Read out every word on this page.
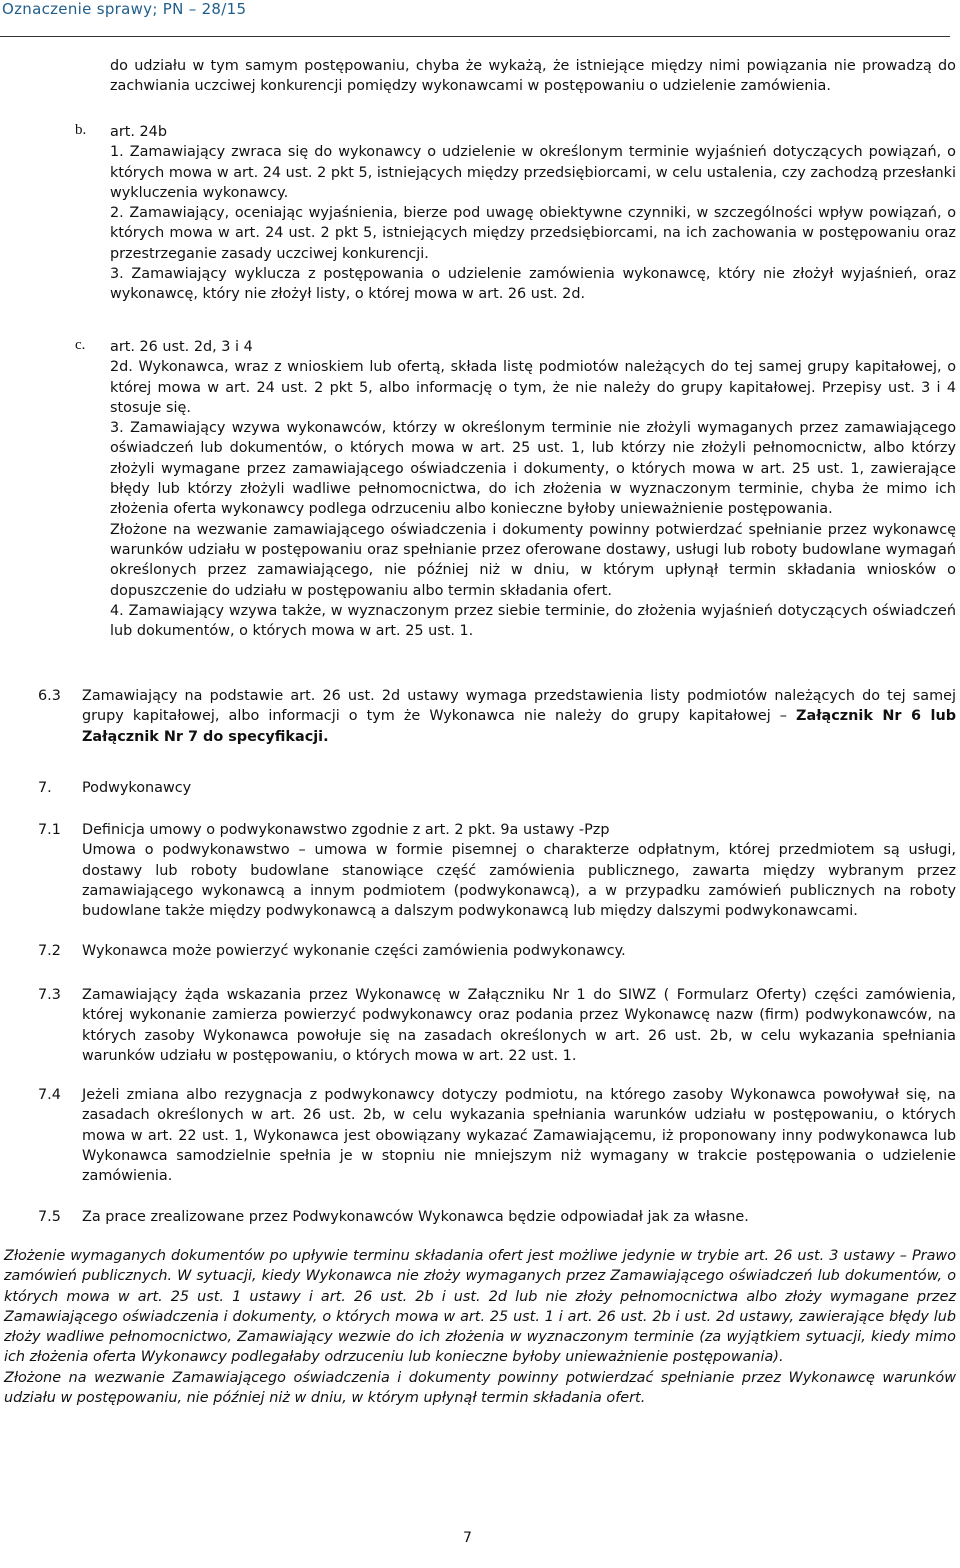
Oznaczenie sprawy; PN – 28/15

do udziału w tym samym postępowaniu, chyba że wykażą, że istniejące między nimi powiązania nie prowadzą do zachwiania uczciwej konkurencji pomiędzy wykonawcami w postępowaniu o udzielenie zamówienia.

b.	art. 24b

1. Zamawiający zwraca się do wykonawcy o udzielenie w określonym terminie wyjaśnień dotyczących powiązań, o których mowa w art. 24 ust. 2 pkt 5, istniejących między przedsiębiorcami, w celu ustalenia, czy zachodzą przesłanki wykluczenia wykonawcy.

2. Zamawiający, oceniając wyjaśnienia, bierze pod uwagę obiektywne czynniki, w szczególności wpływ powiązań, o których mowa w art. 24 ust. 2 pkt 5, istniejących między przedsiębiorcami, na ich zachowania w postępowaniu oraz przestrzeganie zasady uczciwej konkurencji.

3. Zamawiający wyklucza z postępowania o udzielenie zamówienia wykonawcę, który nie złożył wyjaśnień, oraz wykonawcę, który nie złożył listy, o której mowa w art. 26 ust. 2d.

c.	art. 26 ust. 2d, 3 i 4

2d. Wykonawca, wraz z wnioskiem lub ofertą, składa listę podmiotów należących do tej samej grupy kapitałowej, o której mowa w art. 24 ust. 2 pkt 5, albo informację o tym, że nie należy do grupy kapitałowej. Przepisy ust. 3 i 4 stosuje się.

3. Zamawiający wzywa wykonawców, którzy w określonym terminie nie złożyli wymaganych przez zamawiającego oświadczeń lub dokumentów, o których mowa w art. 25 ust. 1, lub którzy nie złożyli pełnomocnictw, albo którzy złożyli wymagane przez zamawiającego oświadczenia i dokumenty, o których mowa w art. 25 ust. 1, zawierające błędy lub którzy złożyli wadliwe pełnomocnictwa, do ich złożenia w wyznaczonym terminie, chyba że mimo ich złożenia oferta wykonawcy podlega odrzuceniu albo konieczne byłoby unieważnienie postępowania.

Złożone na wezwanie zamawiającego oświadczenia i dokumenty powinny potwierdzać spełnianie przez wykonawcę warunków udziału w postępowaniu oraz spełnianie przez oferowane dostawy, usługi lub roboty budowlane wymagań określonych przez zamawiającego, nie później niż w dniu, w którym upłynął termin składania wniosków o dopuszczenie do udziału w postępowaniu albo termin składania ofert.

4. Zamawiający wzywa także, w wyznaczonym przez siebie terminie, do złożenia wyjaśnień dotyczących oświadczeń lub dokumentów, o których mowa w art. 25 ust. 1.

6.3	Zamawiający na podstawie art. 26 ust. 2d ustawy wymaga przedstawienia listy podmiotów należących do tej samej grupy kapitałowej, albo informacji o tym że Wykonawca nie należy do grupy kapitałowej – Załącznik Nr 6 lub Załącznik Nr 7 do specyfikacji.

7.	Podwykonawcy

7.1	Definicja umowy o podwykonawstwo zgodnie z art. 2 pkt. 9a ustawy -Pzp

Umowa o podwykonawstwo – umowa w formie pisemnej o charakterze odpłatnym, której przedmiotem są usługi, dostawy lub roboty budowlane stanowiące część zamówienia publicznego, zawarta między wybranym przez zamawiającego wykonawcą a innym podmiotem (podwykonawcą), a w przypadku zamówień publicznych na roboty budowlane także między podwykonawcą a dalszym podwykonawcą lub między dalszymi podwykonawcami.

7.2	Wykonawca może powierzyć wykonanie części zamówienia podwykonawcy.

7.3	Zamawiający żąda wskazania przez Wykonawcę w Załączniku Nr 1 do SIWZ ( Formularz Oferty) części zamówienia, której wykonanie zamierza powierzyć podwykonawcy oraz podania przez Wykonawcę nazw (firm) podwykonawców, na których zasoby Wykonawca powołuje się na zasadach określonych w art. 26 ust. 2b, w celu wykazania spełniania warunków udziału w postępowaniu, o których mowa w art. 22 ust. 1.

7.4	Jeżeli zmiana albo rezygnacja z podwykonawcy dotyczy podmiotu, na którego zasoby Wykonawca powoływał się, na zasadach określonych w art. 26 ust. 2b, w celu wykazania spełniania warunków udziału w postępowaniu, o których mowa w art. 22 ust. 1, Wykonawca jest obowiązany wykazać Zamawiającemu, iż proponowany inny podwykonawca lub Wykonawca samodzielnie spełnia je w stopniu nie mniejszym niż wymagany w trakcie postępowania o udzielenie zamówienia.

7.5	Za prace zrealizowane przez Podwykonawców Wykonawca będzie odpowiadał jak za własne.

Złożenie wymaganych dokumentów po upływie terminu składania ofert jest możliwe jedynie w trybie art. 26 ust. 3 ustawy – Prawo zamówień publicznych. W sytuacji, kiedy Wykonawca nie złoży wymaganych przez Zamawiającego oświadczeń lub dokumentów, o których mowa w art. 25 ust. 1 ustawy i art. 26 ust. 2b i ust. 2d lub nie złoży pełnomocnictwa albo złoży wymagane przez Zamawiającego oświadczenia i dokumenty, o których mowa w art. 25 ust. 1 i art. 26 ust. 2b i ust. 2d ustawy, zawierające błędy lub złoży wadliwe pełnomocnictwo, Zamawiający wezwie do ich złożenia w wyznaczonym terminie (za wyjątkiem sytuacji, kiedy mimo ich złożenia oferta Wykonawcy podlegałaby odrzuceniu lub konieczne byłoby unieważnienie postępowania).

Złożone na wezwanie Zamawiającego oświadczenia i dokumenty powinny potwierdzać spełnianie przez Wykonawcę warunków udziału w postępowaniu, nie później niż w dniu, w którym upłynął termin składania ofert.

7
